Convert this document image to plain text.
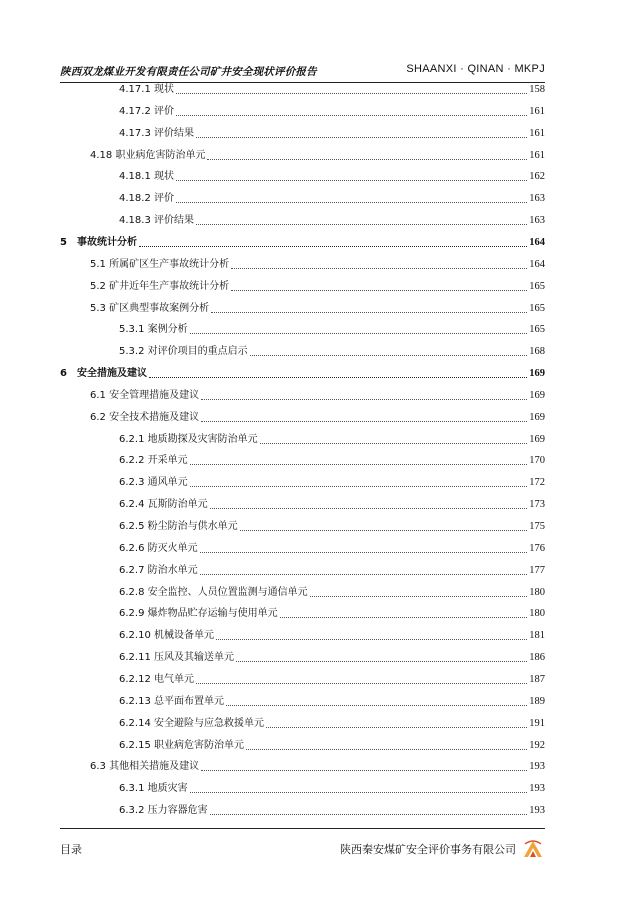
陕西双龙煤业开发有限责任公司矿井安全现状评价报告	SHAANXI · QINAN · MKPJ
4.17.1 现状	158
4.17.2 评价	161
4.17.3 评价结果	161
4.18 职业病危害防治单元	161
4.18.1 现状	162
4.18.2 评价	163
4.18.3 评价结果	163
5　事故统计分析	164
5.1 所属矿区生产事故统计分析	164
5.2 矿井近年生产事故统计分析	165
5.3 矿区典型事故案例分析	165
5.3.1 案例分析	165
5.3.2 对评价项目的重点启示	168
6　安全措施及建议	169
6.1 安全管理措施及建议	169
6.2 安全技术措施及建议	169
6.2.1 地质勘探及灾害防治单元	169
6.2.2 开采单元	170
6.2.3 通风单元	172
6.2.4 瓦斯防治单元	173
6.2.5 粉尘防治与供水单元	175
6.2.6 防灭火单元	176
6.2.7 防治水单元	177
6.2.8 安全监控、人员位置监测与通信单元	180
6.2.9 爆炸物品贮存运输与使用单元	180
6.2.10 机械设备单元	181
6.2.11 压风及其输送单元	186
6.2.12 电气单元	187
6.2.13 总平面布置单元	189
6.2.14 安全避险与应急救援单元	191
6.2.15 职业病危害防治单元	192
6.3 其他相关措施及建议	193
6.3.1 地质灾害	193
6.3.2 压力容器危害	193
目录	陕西秦安煤矿安全评价事务有限公司
